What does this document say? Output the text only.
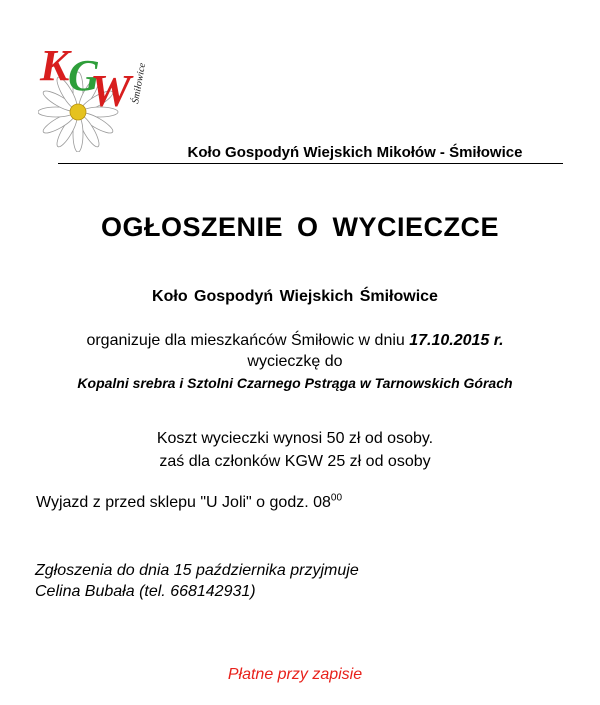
K
G
W Śmiłowice
Koło Gospodyń Wiejskich Mikołów - Śmiłowice
OGŁOSZENIE O WYCIECZCE
Koło Gospodyń Wiejskich Śmiłowice
organizuje dla mieszkańców Śmiłowic w dniu 17.10.2015 r.
wycieczkę do
Kopalni srebra i Sztolni Czarnego Pstrąga w Tarnowskich Górach
Koszt wycieczki wynosi 50 zł od osoby.
zaś dla członków KGW 25 zł od osoby
Wyjazd z przed sklepu "U Joli" o godz. $08^{00}$
Zgłoszenia do dnia 15 października przyjmuje
Celina Bubała (tel. 668142931)
Płatne przy zapisie
